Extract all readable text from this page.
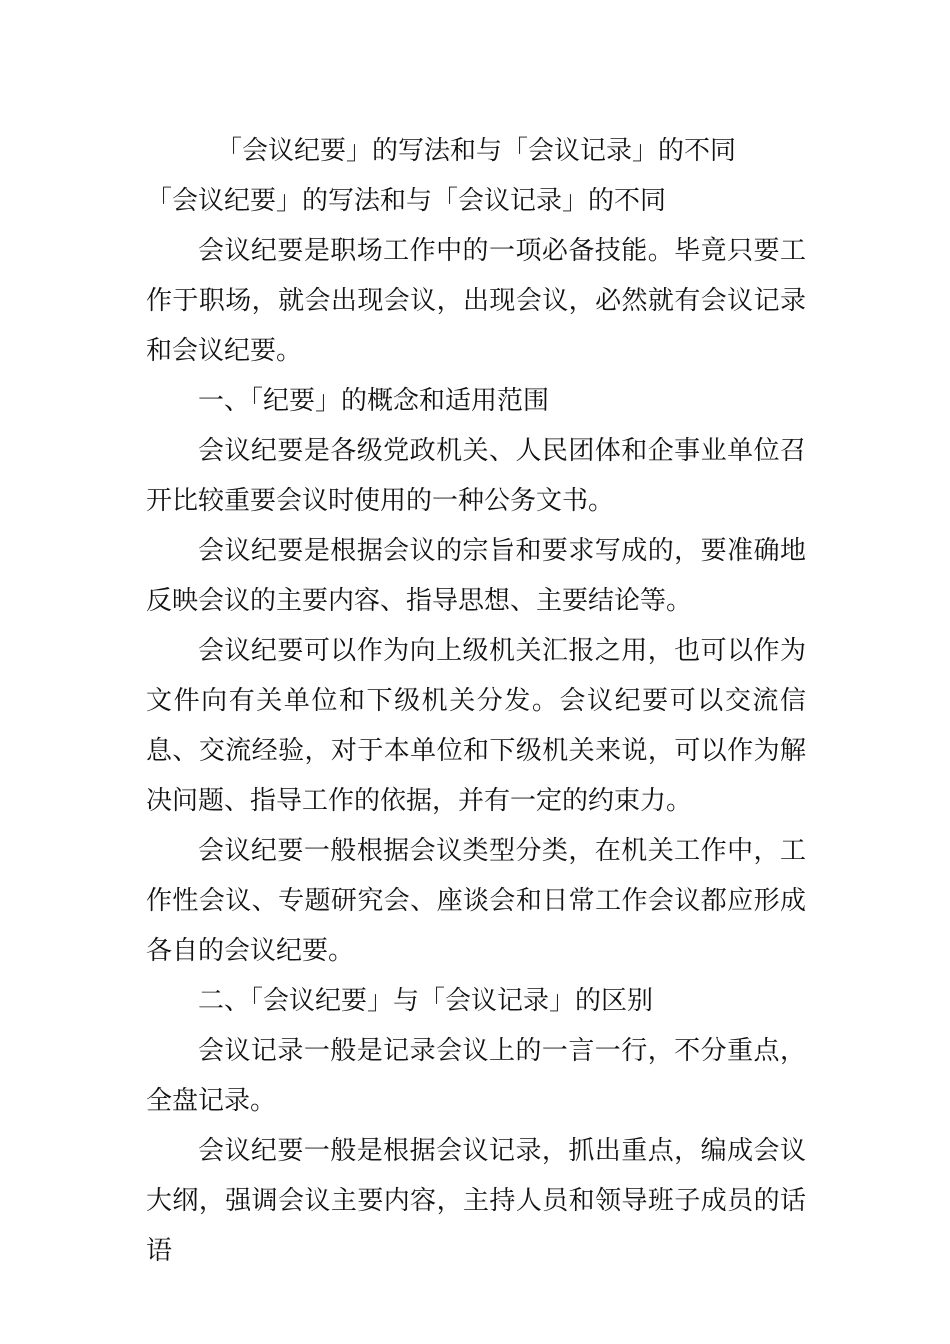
「会议纪要」的写法和与「会议记录」的不同

「会议纪要」的写法和与「会议记录」的不同

会议纪要是职场工作中的一项必备技能。毕竟只要工作于职场，就会出现会议，出现会议，必然就有会议记录和会议纪要。

一、「纪要」的概念和适用范围

会议纪要是各级党政机关、人民团体和企事业单位召开比较重要会议时使用的一种公务文书。

会议纪要是根据会议的宗旨和要求写成的，要准确地反映会议的主要内容、指导思想、主要结论等。

会议纪要可以作为向上级机关汇报之用，也可以作为文件向有关单位和下级机关分发。会议纪要可以交流信息、交流经验，对于本单位和下级机关来说，可以作为解决问题、指导工作的依据，并有一定的约束力。

会议纪要一般根据会议类型分类，在机关工作中，工作性会议、专题研究会、座谈会和日常工作会议都应形成各自的会议纪要。

二、「会议纪要」与「会议记录」的区别

会议记录一般是记录会议上的一言一行，不分重点，全盘记录。

会议纪要一般是根据会议记录，抓出重点，编成会议大纲，强调会议主要内容，主持人员和领导班子成员的话语
